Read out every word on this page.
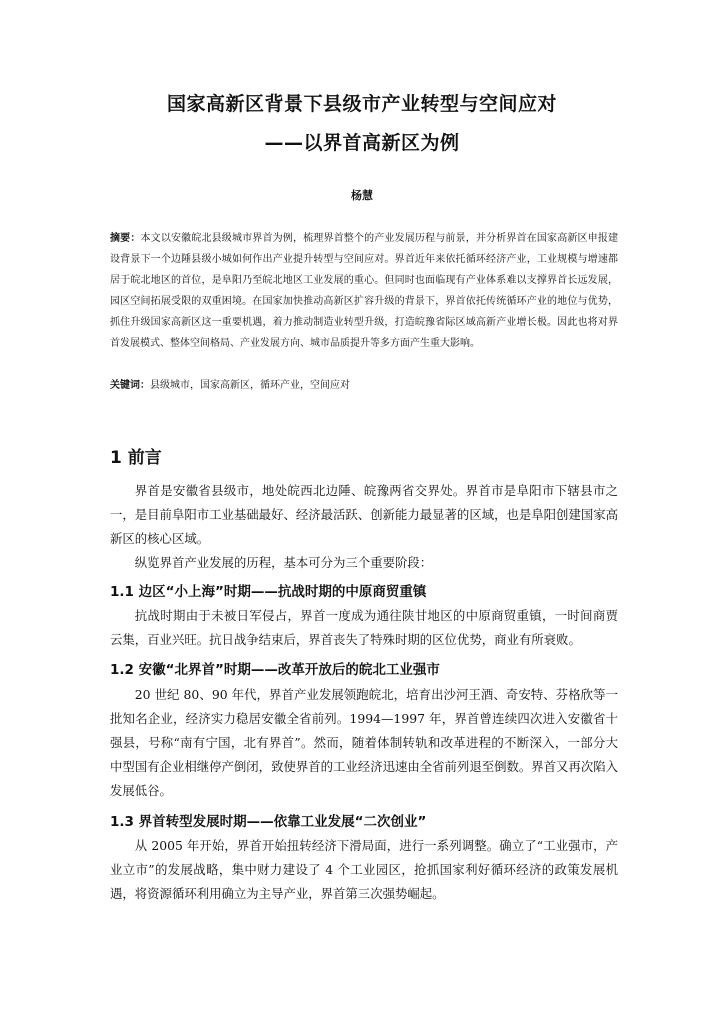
国家高新区背景下县级市产业转型与空间应对
——以界首高新区为例
杨慧
摘要：本文以安徽皖北县级城市界首为例，梳理界首整个的产业发展历程与前景，并分析界首在国家高新区申报建设背景下一个边陲县级小城如何作出产业提升转型与空间应对。界首近年来依托循环经济产业，工业规模与增速都居于皖北地区的首位，是阜阳乃至皖北地区工业发展的重心。但同时也面临现有产业体系难以支撑界首长远发展，园区空间拓展受限的双重困境。在国家加快推动高新区扩容升级的背景下，界首依托传统循环产业的地位与优势，抓住升级国家高新区这一重要机遇，着力推动制造业转型升级，打造皖豫省际区域高新产业增长极。因此也将对界首发展模式、整体空间格局、产业发展方向、城市品质提升等多方面产生重大影响。
关键词：县级城市，国家高新区，循环产业，空间应对
1 前言
界首是安徽省县级市，地处皖西北边陲、皖豫两省交界处。界首市是阜阳市下辖县市之一，是目前阜阳市工业基础最好、经济最活跃、创新能力最显著的区域，也是阜阳创建国家高新区的核心区域。
纵览界首产业发展的历程，基本可分为三个重要阶段：
1.1 边区“小上海”时期——抗战时期的中原商贸重镇
抗战时期由于未被日军侵占，界首一度成为通往陕甘地区的中原商贸重镇，一时间商贾云集，百业兴旺。抗日战争结束后，界首丧失了特殊时期的区位优势，商业有所衰败。
1.2 安徽“北界首”时期——改革开放后的皖北工业强市
20 世纪 80、90 年代，界首产业发展领跑皖北，培育出沙河王酒、奇安特、芬格欣等一批知名企业，经济实力稳居安徽全省前列。1994—1997 年，界首曾连续四次进入安徽省十强县，号称“南有宁国，北有界首”。然而，随着体制转轨和改革进程的不断深入，一部分大中型国有企业相继停产倒闭，致使界首的工业经济迅速由全省前列退至倒数。界首又再次陷入发展低谷。
1.3 界首转型发展时期——依靠工业发展“二次创业”
从 2005 年开始，界首开始扭转经济下滑局面，进行一系列调整。确立了“工业强市，产业立市”的发展战略，集中财力建设了 4 个工业园区，抢抓国家利好循环经济的政策发展机遇，将资源循环利用确立为主导产业，界首第三次强势崛起。
